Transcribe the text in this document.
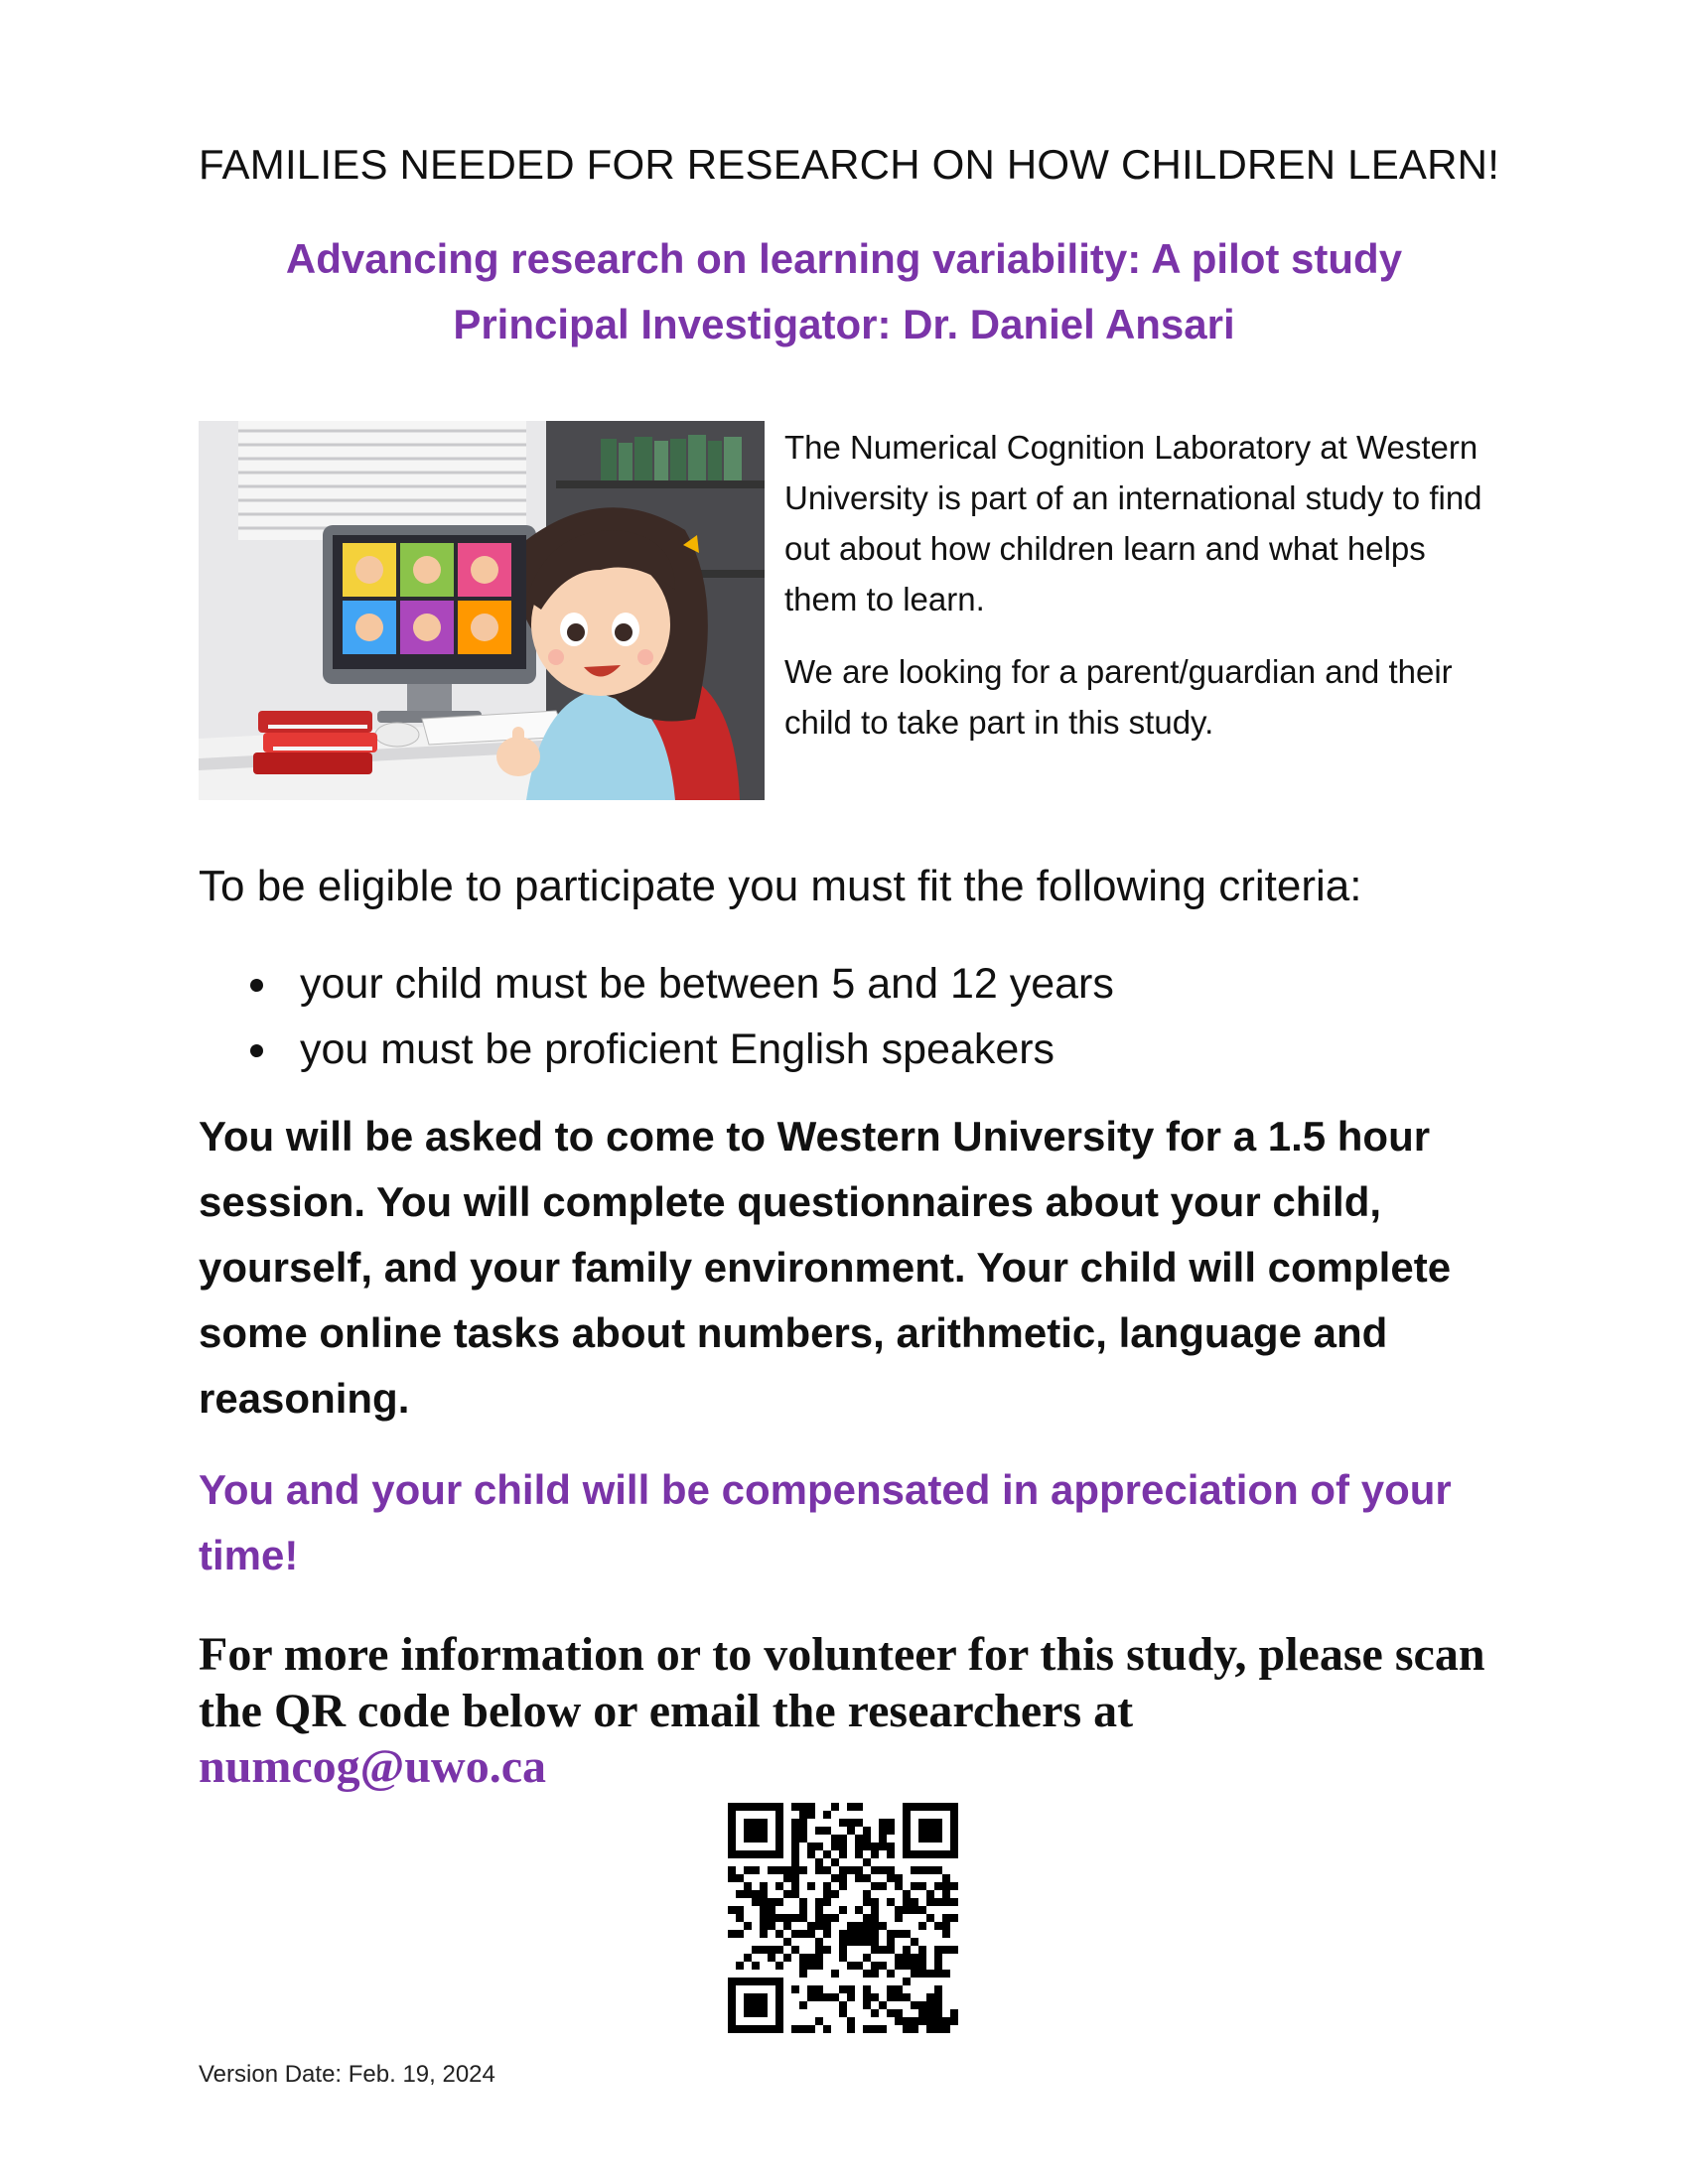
FAMILIES NEEDED FOR RESEARCH ON HOW CHILDREN LEARN!
Advancing research on learning variability: A pilot study
Principal Investigator: Dr. Daniel Ansari

The Numerical Cognition Laboratory at Western University is part of an international study to find out about how children learn and what helps them to learn.

We are looking for a parent/guardian and their child to take part in this study.

To be eligible to participate you must fit the following criteria:
your child must be between 5 and 12 years
you must be proficient English speakers

You will be asked to come to Western University for a 1.5 hour session. You will complete questionnaires about your child, yourself, and your family environment. Your child will complete some online tasks about numbers, arithmetic, language and reasoning.

You and your child will be compensated in appreciation of your time!

For more information or to volunteer for this study, please scan the QR code below or email the researchers at

numcog@uwo.ca
Version Date: Feb. 19, 2024
